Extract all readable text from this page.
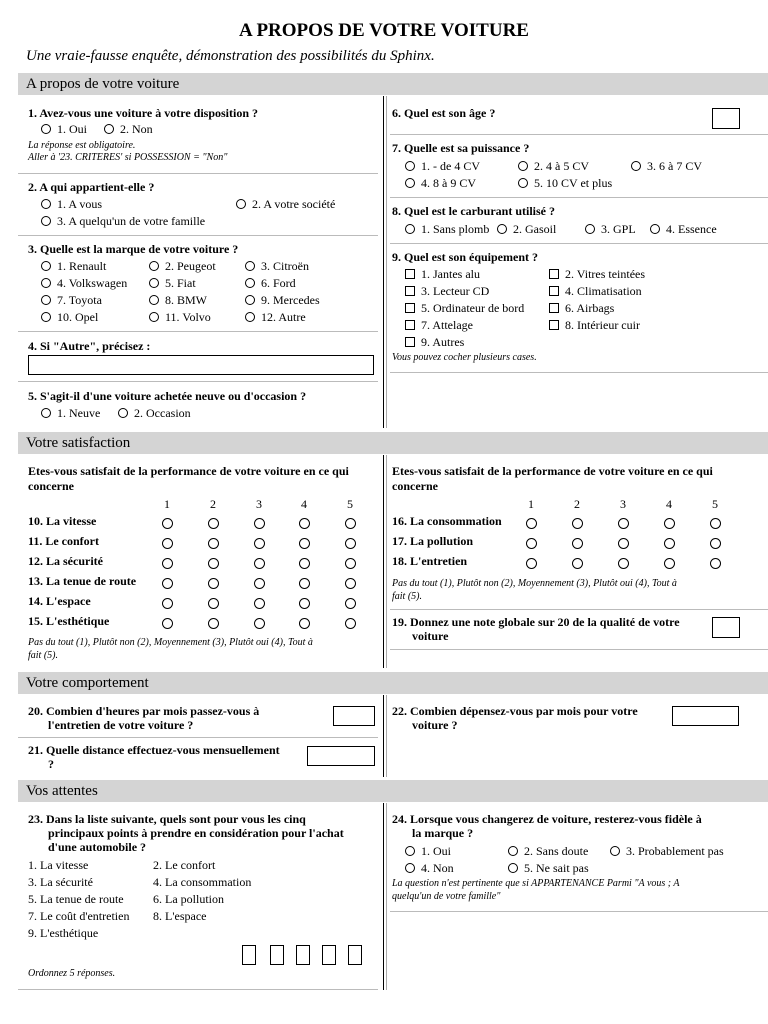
A PROPOS DE VOTRE VOITURE
Une vraie-fausse enquête, démonstration des possibilités du Sphinx.
A propos de votre voiture
1. Avez-vous une voiture à votre disposition ?
1. Oui	2. Non
La réponse est obligatoire.
Aller à '23. CRITERES' si POSSESSION = "Non"
2. A qui appartient-elle ?
1. A vous	2. A votre société
3. A quelqu'un de votre famille
3. Quelle est la marque de votre voiture ?
1. Renault	2. Peugeot	3. Citroën
4. Volkswagen	5. Fiat	6. Ford
7. Toyota	8. BMW	9. Mercedes
10. Opel	11. Volvo	12. Autre
4. Si "Autre", précisez :
5. S'agit-il d'une voiture achetée neuve ou d'occasion ?
1. Neuve	2. Occasion
6. Quel est son âge ?
7. Quelle est sa puissance ?
1. - de 4 CV	2. 4 à 5 CV	3. 6 à 7 CV
4. 8 à 9 CV	5. 10 CV et plus
8. Quel est le carburant utilisé ?
1. Sans plomb	2. Gasoil	3. GPL	4. Essence
9. Quel est son équipement ?
1. Jantes alu	2. Vitres teintées
3. Lecteur CD	4. Climatisation
5. Ordinateur de bord	6. Airbags
7. Attelage	8. Intérieur cuir
9. Autres
Vous pouvez cocher plusieurs cases.
Votre satisfaction
Etes-vous satisfait de la performance de votre voiture en ce qui
concerne
Etes-vous satisfait de la performance de votre voiture en ce qui
concerne
1	2	3	4	5
10. La vitesse
11. Le confort
12. La sécurité
13. La tenue de route
14. L'espace
15. L'esthétique
1	2	3	4	5
16. La consommation
17. La pollution
18. L'entretien
Pas du tout (1), Plutôt non (2), Moyennement (3), Plutôt oui (4), Tout à
fait (5).
Pas du tout (1), Plutôt non (2), Moyennement (3), Plutôt oui (4), Tout à
fait (5).
19. Donnez une note globale sur 20 de la qualité de votre
voiture
Votre comportement
20. Combien d'heures par mois passez-vous à
l'entretien de votre voiture ?
21. Quelle distance effectuez-vous mensuellement
?
22. Combien dépensez-vous par mois pour votre
voiture ?
Vos attentes
23. Dans la liste suivante, quels sont pour vous les cinq
principaux points à prendre en considération pour l'achat
d'une automobile ?
1. La vitesse	2. Le confort
3. La sécurité	4. La consommation
5. La tenue de route 6. La pollution
7. Le coût d'entretien 8. L'espace
9. L'esthétique
Ordonnez 5 réponses.
24. Lorsque vous changerez de voiture, resterez-vous fidèle à
la marque ?
1. Oui	2. Sans doute	3. Probablement pas
4. Non	5. Ne sait pas
La question n'est pertinente que si APPARTENANCE Parmi "A vous ; A
quelqu'un de votre famille"
